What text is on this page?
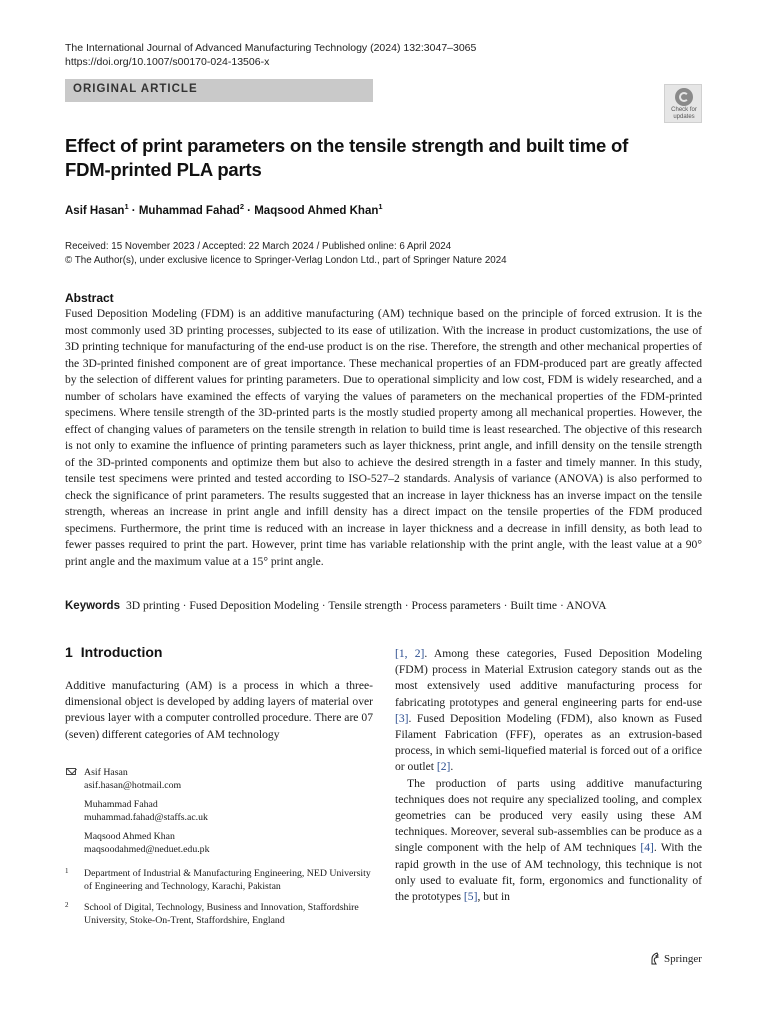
The International Journal of Advanced Manufacturing Technology (2024) 132:3047–3065
https://doi.org/10.1007/s00170-024-13506-x
ORIGINAL ARTICLE
Check for
updates
Effect of print parameters on the tensile strength and built time of FDM-printed PLA parts
Asif Hasan$^1$ · Muhammad Fahad$^2$ · Maqsood Ahmed Khan$^1$
Received: 15 November 2023 / Accepted: 22 March 2024 / Published online: 6 April 2024
© The Author(s), under exclusive licence to Springer-Verlag London Ltd., part of Springer Nature 2024
Abstract

Fused Deposition Modeling (FDM) is an additive manufacturing (AM) technique based on the principle of forced extrusion. It is the most commonly used 3D printing processes, subjected to its ease of utilization. With the increase in product customizations, the use of 3D printing technique for manufacturing of the end-use product is on the rise. Therefore, the strength and other mechanical properties of the 3D-printed finished component are of great importance. These mechanical properties of an FDM-produced part are greatly affected by the selection of different values for printing parameters. Due to operational simplicity and low cost, FDM is widely researched, and a number of scholars have examined the effects of varying the values of parameters on the mechanical properties of the FDM-printed specimens. Where tensile strength of the 3D-printed parts is the mostly studied property among all mechanical properties. However, the effect of changing values of parameters on the tensile strength in relation to build time is least researched. The objective of this research is not only to examine the influence of printing parameters such as layer thickness, print angle, and infill density on the tensile strength of the 3D-printed components and optimize them but also to achieve the desired strength in a faster and timely manner. In this study, tensile test specimens were printed and tested according to ISO-527–2 standards. Analysis of variance (ANOVA) is also performed to check the significance of print parameters. The results suggested that an increase in layer thickness has an inverse impact on the tensile strength, whereas an increase in print angle and infill density has a direct impact on the tensile properties of the FDM produced specimens. Furthermore, the print time is reduced with an increase in layer thickness and a decrease in infill density, as both lead to fewer passes required to print the part. However, print time has variable relationship with the print angle, with the least value at a 90° print angle and the maximum value at a 15° print angle.

Keywords 3D printing · Fused Deposition Modeling · Tensile strength · Process parameters · Built time · ANOVA
1 Introduction

Additive manufacturing (AM) is a process in which a three-dimensional object is developed by adding layers of material over previous layer with a computer controlled procedure. There are 07 (seven) different categories of AM technology

[1, 2]. Among these categories, Fused Deposition Modeling (FDM) process in Material Extrusion category stands out as the most extensively used additive manufacturing process for fabricating prototypes and general engineering parts for end-use [3]. Fused Deposition Modeling (FDM), also known as Fused Filament Fabrication (FFF), operates as an extrusion-based process, in which semi-liquefied material is forced out of a orifice or outlet [2].

The production of parts using additive manufacturing techniques does not require any specialized tooling, and complex geometries can be produced very easily using these AM techniques. Moreover, several sub-assemblies can be produce as a single component with the help of AM techniques [4]. With the rapid growth in the use of AM technology, this technique is not only used to evaluate fit, form, ergonomics and functionality of the prototypes [5], but in

Asif Hasan
asif.hasan@hotmail.com
Muhammad Fahad
muhammad.fahad@staffs.ac.uk
Maqsood Ahmed Khan
maqsoodahmed@neduet.edu.pk
1 Department of Industrial & Manufacturing Engineering, NED University of Engineering and Technology, Karachi, Pakistan
2 School of Digital, Technology, Business and Innovation, Staffordshire University, Stoke-On-Trent, Staffordshire, England
Springer
